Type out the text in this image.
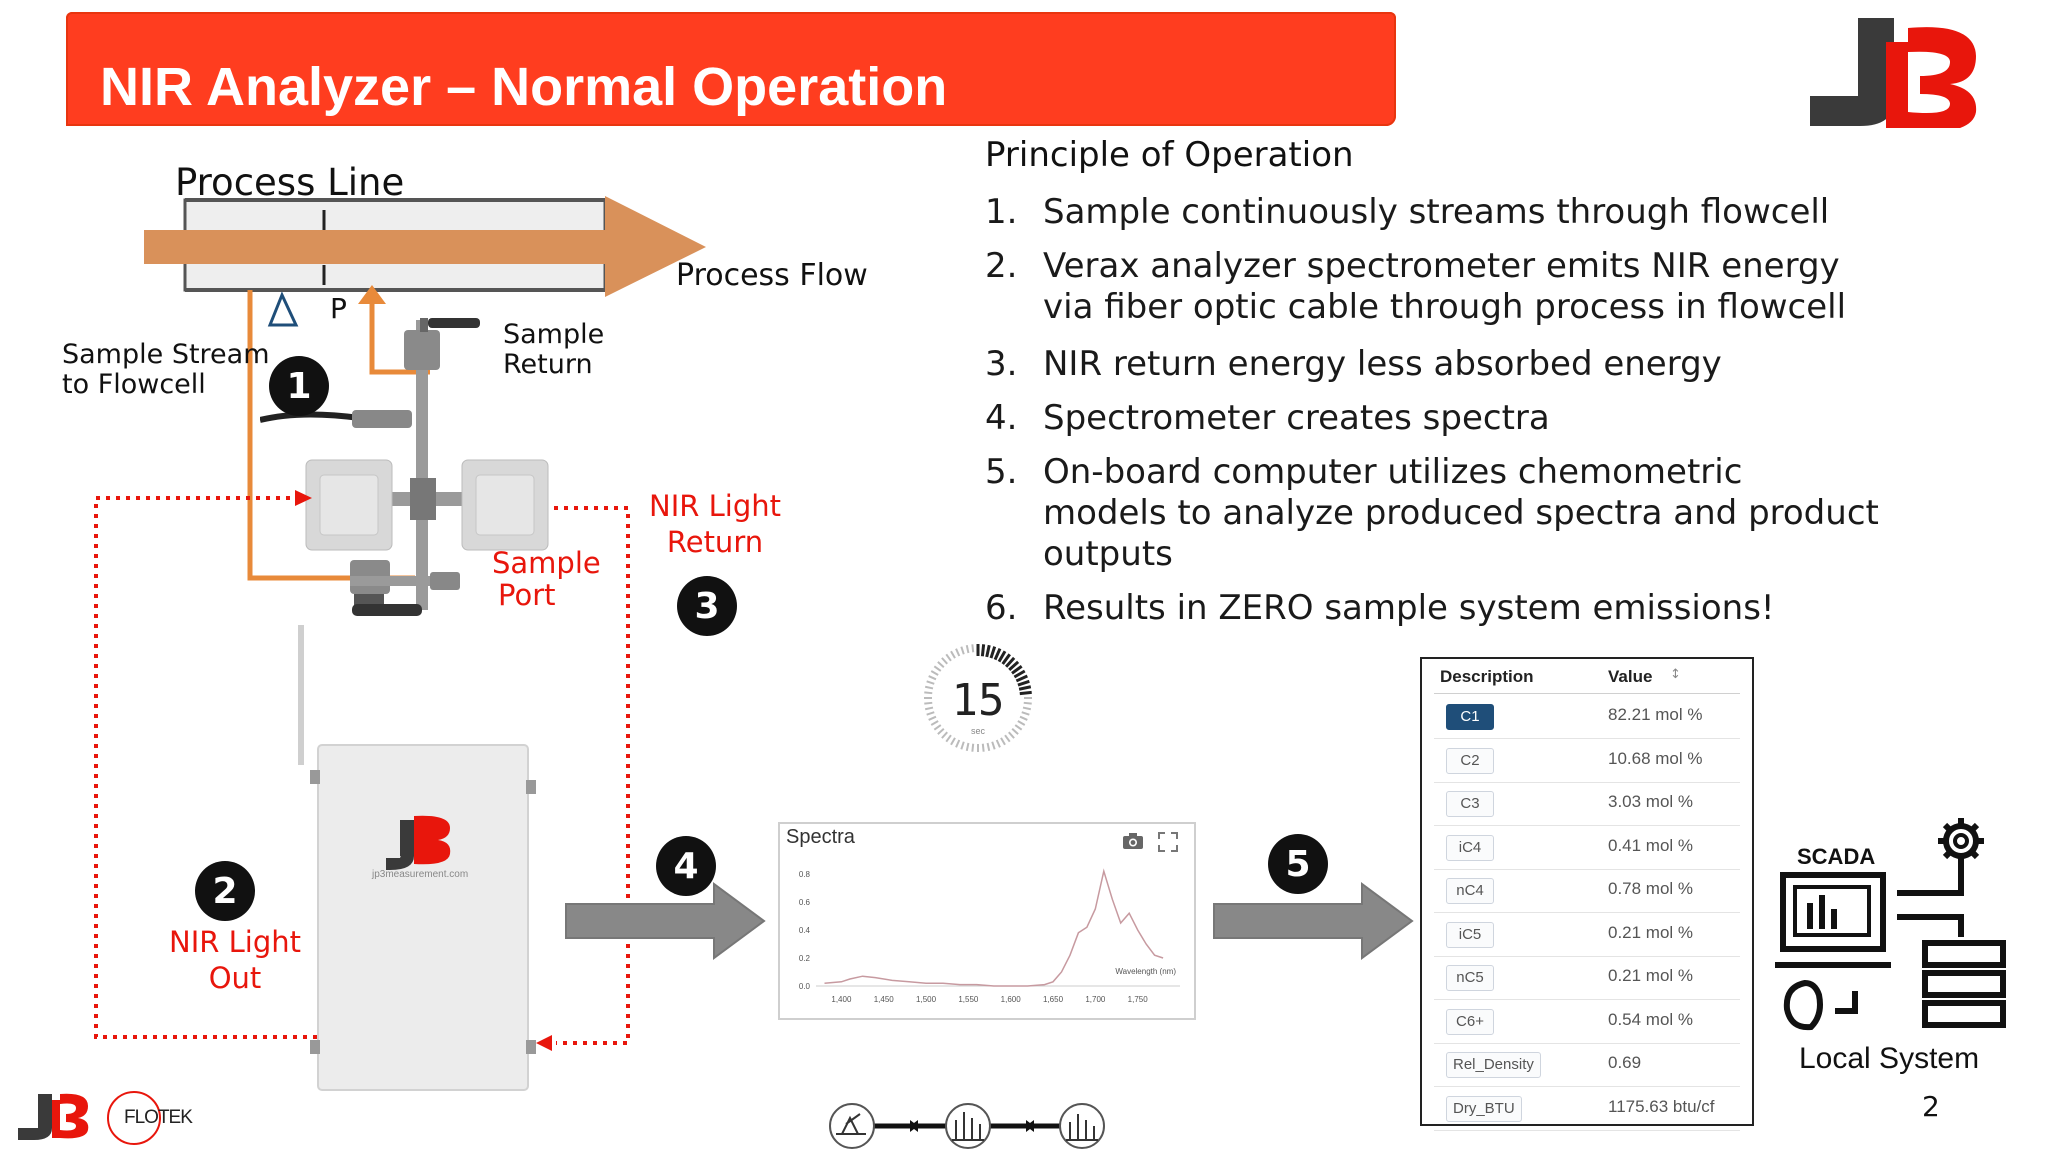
NIR Analyzer – Normal Operation
Process Line
Process Flow
P
Sample Stream
to Flowcell
Sample
Return
Sample
Port
NIR Light
Return
NIR Light
Out
jp3measurement.com
1
2
3
4	5
Principle of Operation
1. Sample continuously streams through flowcell
2. Verax analyzer spectrometer emits NIR energy
via fiber optic cable through process in flowcell
3. NIR return energy less absorbed energy
4. Spectrometer creates spectra
5. On-board computer utilizes chemometric
models to analyze produced spectra and product
outputs
6. Results in ZERO sample system emissions!
15
sec
Spectra
0.0
0.2
0.4
0.6
0.8
1,400	1,450	1,500	1,550	1,600	1,650	1,700	1,750
Wavelength (nm)
Description	Value ↕
C1	82.21 mol %
C2	10.68 mol %
C3	3.03 mol %
iC4	0.41 mol %
nC4	0.78 mol %
iC5	0.21 mol %
nC5	0.21 mol %
C6+	0.54 mol %
Rel_Density	0.69
Dry_BTU	1175.63 btu/cf
SCADA
Local System
2
FLOTEK
